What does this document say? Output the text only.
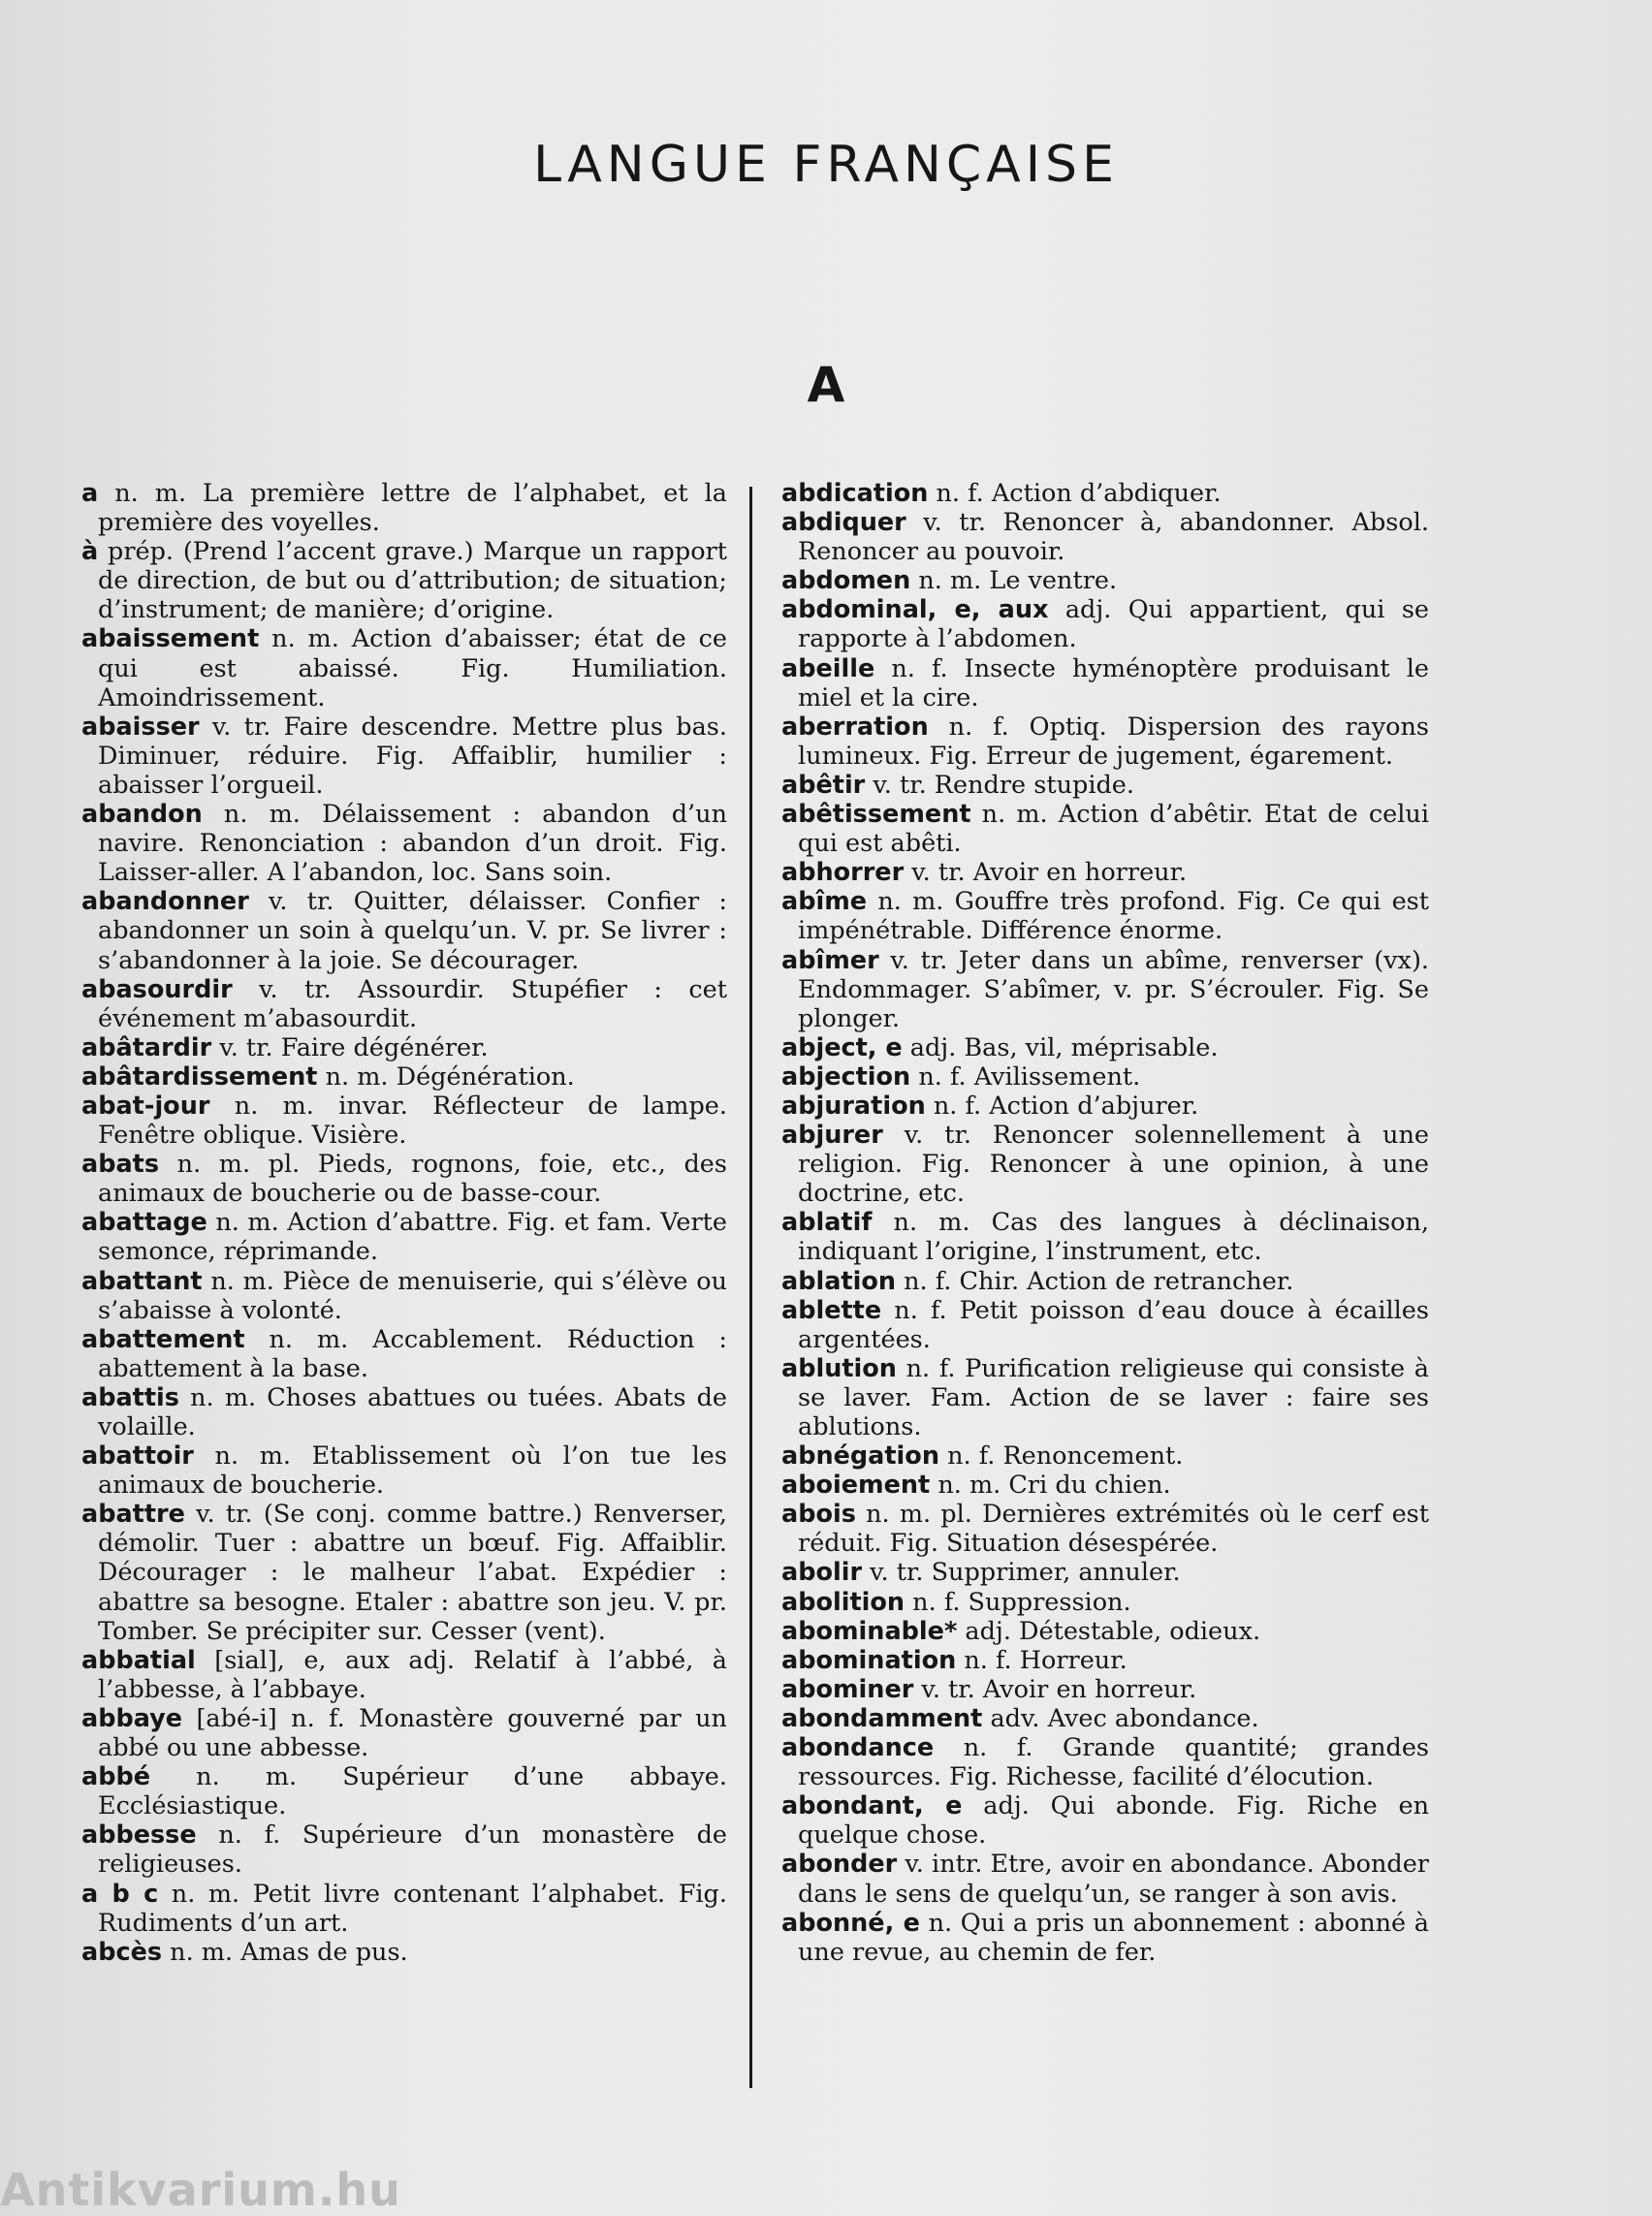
LANGUE FRANÇAISE
A

a n. m. La première lettre de l’alphabet, et la première des voyelles.

à prép. (Prend l’accent grave.) Marque un rapport de direction, de but ou d’attribution; de situation; d’instrument; de manière; d’origine.

abaissement n. m. Action d’abaisser; état de ce qui est abaissé. Fig. Humiliation. Amoindrissement.

abaisser v. tr. Faire descendre. Mettre plus bas. Diminuer, réduire. Fig. Affaiblir, humilier : abaisser l’orgueil.

abandon n. m. Délaissement : abandon d’un navire. Renonciation : abandon d’un droit. Fig. Laisser-aller. A l’abandon, loc. Sans soin.

abandonner v. tr. Quitter, délaisser. Confier : abandonner un soin à quelqu’un. V. pr. Se livrer : s’abandonner à la joie. Se décourager.

abasourdir v. tr. Assourdir. Stupéfier : cet événement m’abasourdit.

abâtardir v. tr. Faire dégénérer.

abâtardissement n. m. Dégénération.

abat-jour n. m. invar. Réflecteur de lampe. Fenêtre oblique. Visière.

abats n. m. pl. Pieds, rognons, foie, etc., des animaux de boucherie ou de basse-cour.

abattage n. m. Action d’abattre. Fig. et fam. Verte semonce, réprimande.

abattant n. m. Pièce de menuiserie, qui s’élève ou s’abaisse à volonté.

abattement n. m. Accablement. Réduction : abattement à la base.

abattis n. m. Choses abattues ou tuées. Abats de volaille.

abattoir n. m. Etablissement où l’on tue les animaux de boucherie.

abattre v. tr. (Se conj. comme battre.) Renverser, démolir. Tuer : abattre un bœuf. Fig. Affaiblir. Décourager : le malheur l’abat. Expédier : abattre sa besogne. Etaler : abattre son jeu. V. pr. Tomber. Se précipiter sur. Cesser (vent).

abbatial [sial], e, aux adj. Relatif à l’abbé, à l’abbesse, à l’abbaye.

abbaye [abé-i] n. f. Monastère gouverné par un abbé ou une abbesse.

abbé n. m. Supérieur d’une abbaye. Ecclésiastique.

abbesse n. f. Supérieure d’un monastère de religieuses.

a b c n. m. Petit livre contenant l’alphabet. Fig. Rudiments d’un art.

abcès n. m. Amas de pus.

abdication n. f. Action d’abdiquer.

abdiquer v. tr. Renoncer à, abandonner. Absol. Renoncer au pouvoir.

abdomen n. m. Le ventre.

abdominal, e, aux adj. Qui appartient, qui se rapporte à l’abdomen.

abeille n. f. Insecte hyménoptère produisant le miel et la cire.

aberration n. f. Optiq. Dispersion des rayons lumineux. Fig. Erreur de jugement, égarement.

abêtir v. tr. Rendre stupide.

abêtissement n. m. Action d’abêtir. Etat de celui qui est abêti.

abhorrer v. tr. Avoir en horreur.

abîme n. m. Gouffre très profond. Fig. Ce qui est impénétrable. Différence énorme.

abîmer v. tr. Jeter dans un abîme, renverser (vx). Endommager. S’abîmer, v. pr. S’écrouler. Fig. Se plonger.

abject, e adj. Bas, vil, méprisable.

abjection n. f. Avilissement.

abjuration n. f. Action d’abjurer.

abjurer v. tr. Renoncer solennellement à une religion. Fig. Renoncer à une opinion, à une doctrine, etc.

ablatif n. m. Cas des langues à déclinaison, indiquant l’origine, l’instrument, etc.

ablation n. f. Chir. Action de retrancher.

ablette n. f. Petit poisson d’eau douce à écailles argentées.

ablution n. f. Purification religieuse qui consiste à se laver. Fam. Action de se laver : faire ses ablutions.

abnégation n. f. Renoncement.

aboiement n. m. Cri du chien.

abois n. m. pl. Dernières extrémités où le cerf est réduit. Fig. Situation désespérée.

abolir v. tr. Supprimer, annuler.

abolition n. f. Suppression.

abominable* adj. Détestable, odieux.

abomination n. f. Horreur.

abominer v. tr. Avoir en horreur.

abondamment adv. Avec abondance.

abondance n. f. Grande quantité; grandes ressources. Fig. Richesse, facilité d’élocution.

abondant, e adj. Qui abonde. Fig. Riche en quelque chose.

abonder v. intr. Etre, avoir en abondance. Abonder dans le sens de quelqu’un, se ranger à son avis.

abonné, e n. Qui a pris un abonnement : abonné à une revue, au chemin de fer.

Antikvarium.hu
